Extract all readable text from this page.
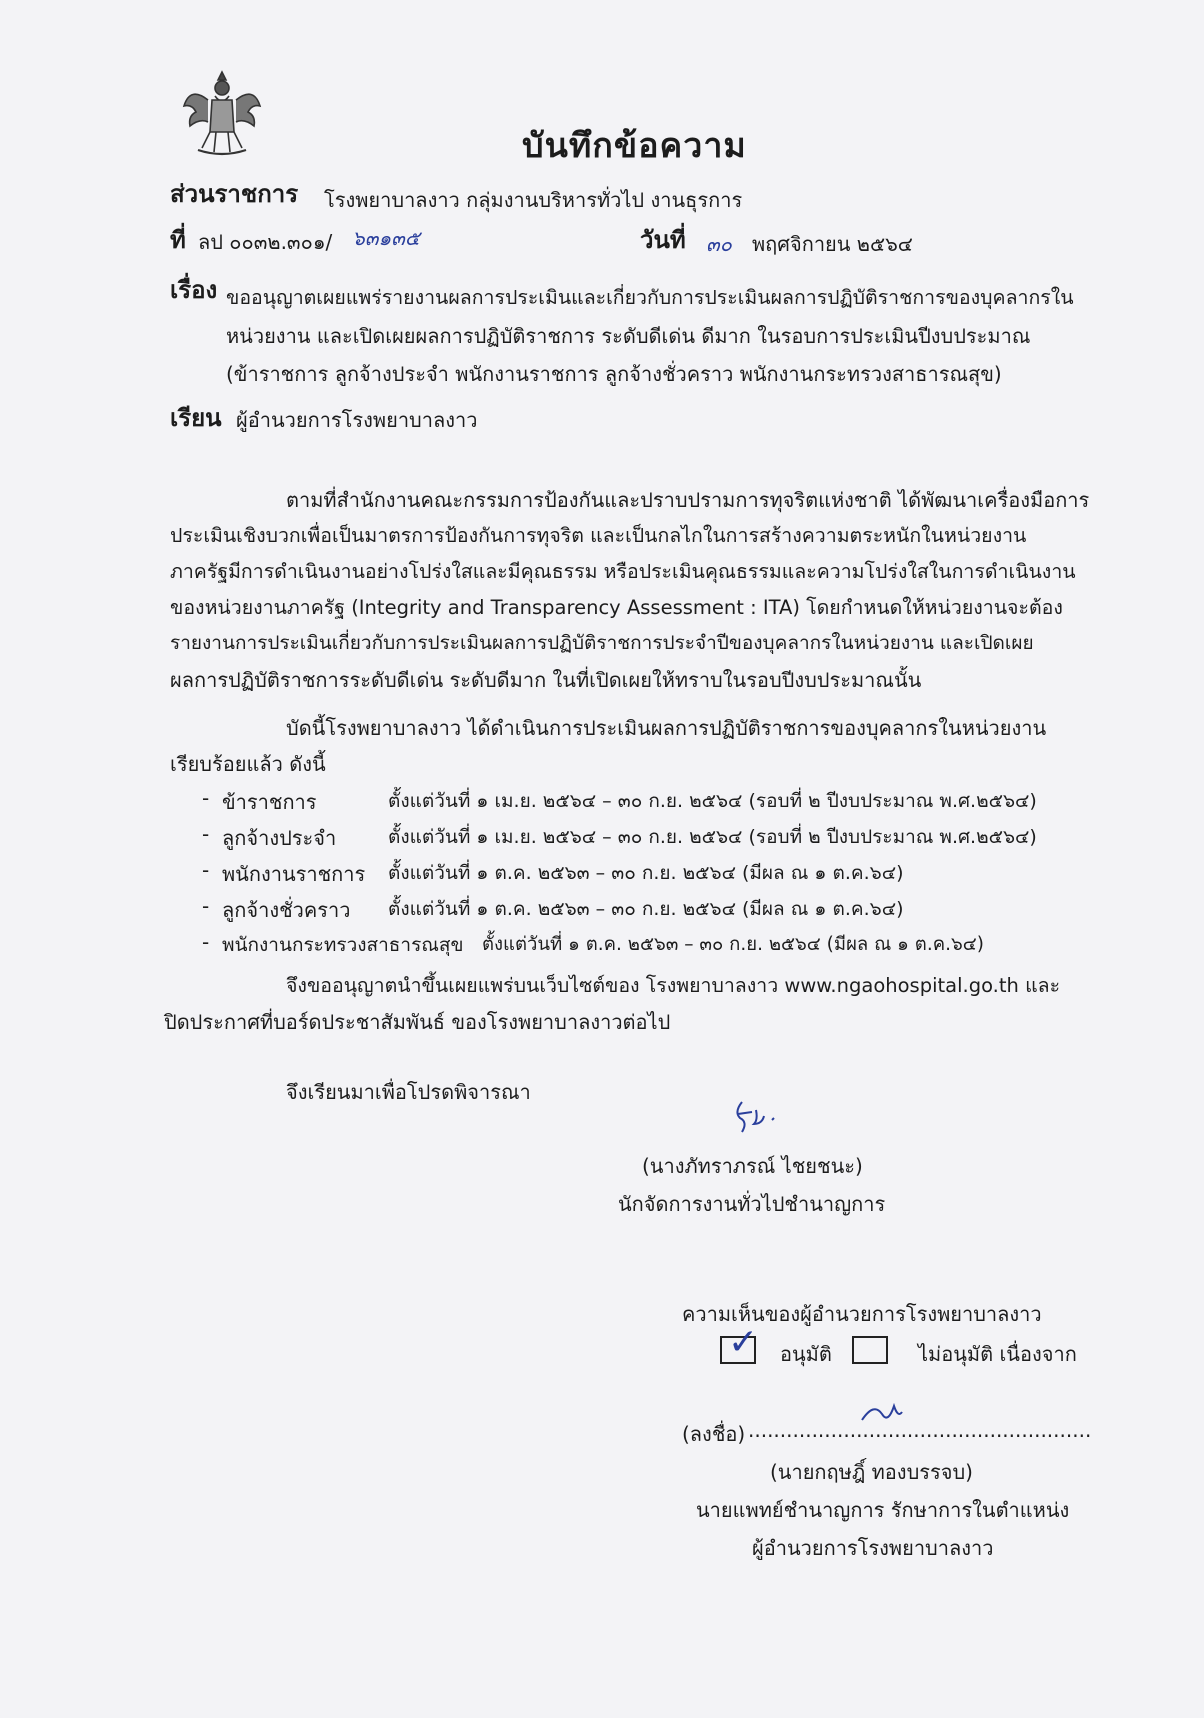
บันทึกข้อความ
ส่วนราชการ โรงพยาบาลงาว กลุ่มงานบริหารทั่วไป งานธุรการ
ที่ ลป ๐๐๓๒.๓๐๑/ ๖๓๑๓๕	วันที่ ๓๐ พฤศจิกายน ๒๕๖๔
เรื่อง ขออนุญาตเผยแพร่รายงานผลการประเมินและเกี่ยวกับการประเมินผลการปฏิบัติราชการของบุคลากรใน
หน่วยงาน และเปิดเผยผลการปฏิบัติราชการ ระดับดีเด่น ดีมาก ในรอบการประเมินปีงบประมาณ
(ข้าราชการ ลูกจ้างประจำ พนักงานราชการ ลูกจ้างชั่วคราว พนักงานกระทรวงสาธารณสุข)
เรียน ผู้อำนวยการโรงพยาบาลงาว
ตามที่สำนักงานคณะกรรมการป้องกันและปราบปรามการทุจริตแห่งชาติ ได้พัฒนาเครื่องมือการ
ประเมินเชิงบวกเพื่อเป็นมาตรการป้องกันการทุจริต และเป็นกลไกในการสร้างความตระหนักในหน่วยงาน
ภาครัฐมีการดำเนินงานอย่างโปร่งใสและมีคุณธรรม หรือประเมินคุณธรรมและความโปร่งใสในการดำเนินงาน
ของหน่วยงานภาครัฐ (Integrity and Transparency Assessment : ITA) โดยกำหนดให้หน่วยงานจะต้อง
รายงานการประเมินเกี่ยวกับการประเมินผลการปฏิบัติราชการประจำปีของบุคลากรในหน่วยงาน และเปิดเผย
ผลการปฏิบัติราชการระดับดีเด่น ระดับดีมาก ในที่เปิดเผยให้ทราบในรอบปีงบประมาณนั้น
บัดนี้โรงพยาบาลงาว ได้ดำเนินการประเมินผลการปฏิบัติราชการของบุคลากรในหน่วยงาน
เรียบร้อยแล้ว ดังนี้
- ข้าราชการ	ตั้งแต่วันที่ ๑ เม.ย. ๒๕๖๔ – ๓๐ ก.ย. ๒๕๖๔ (รอบที่ ๒ ปีงบประมาณ พ.ศ.๒๕๖๔)
- ลูกจ้างประจำ	ตั้งแต่วันที่ ๑ เม.ย. ๒๕๖๔ – ๓๐ ก.ย. ๒๕๖๔ (รอบที่ ๒ ปีงบประมาณ พ.ศ.๒๕๖๔)
- พนักงานราชการ ตั้งแต่วันที่ ๑ ต.ค. ๒๕๖๓ – ๓๐ ก.ย. ๒๕๖๔ (มีผล ณ ๑ ต.ค.๖๔)
- ลูกจ้างชั่วคราว ตั้งแต่วันที่ ๑ ต.ค. ๒๕๖๓ – ๓๐ ก.ย. ๒๕๖๔ (มีผล ณ ๑ ต.ค.๖๔)
- พนักงานกระทรวงสาธารณสุข ตั้งแต่วันที่ ๑ ต.ค. ๒๕๖๓ – ๓๐ ก.ย. ๒๕๖๔ (มีผล ณ ๑ ต.ค.๖๔)
จึงขออนุญาตนำขึ้นเผยแพร่บนเว็บไซต์ของ โรงพยาบาลงาว www.ngaohospital.go.th และ
ปิดประกาศที่บอร์ดประชาสัมพันธ์ ของโรงพยาบาลงาวต่อไป
จึงเรียนมาเพื่อโปรดพิจารณา
(นางภัทราภรณ์ ไชยชนะ)
นักจัดการงานทั่วไปชำนาญการ
ความเห็นของผู้อำนวยการโรงพยาบาลงาว
✓ อนุมัติ	ไม่อนุมัติ เนื่องจาก
(ลงชื่อ) ......................................................
(นายกฤษฎิ์ ทองบรรจบ)
นายแพทย์ชำนาญการ รักษาการในตำแหน่ง
ผู้อำนวยการโรงพยาบาลงาว
